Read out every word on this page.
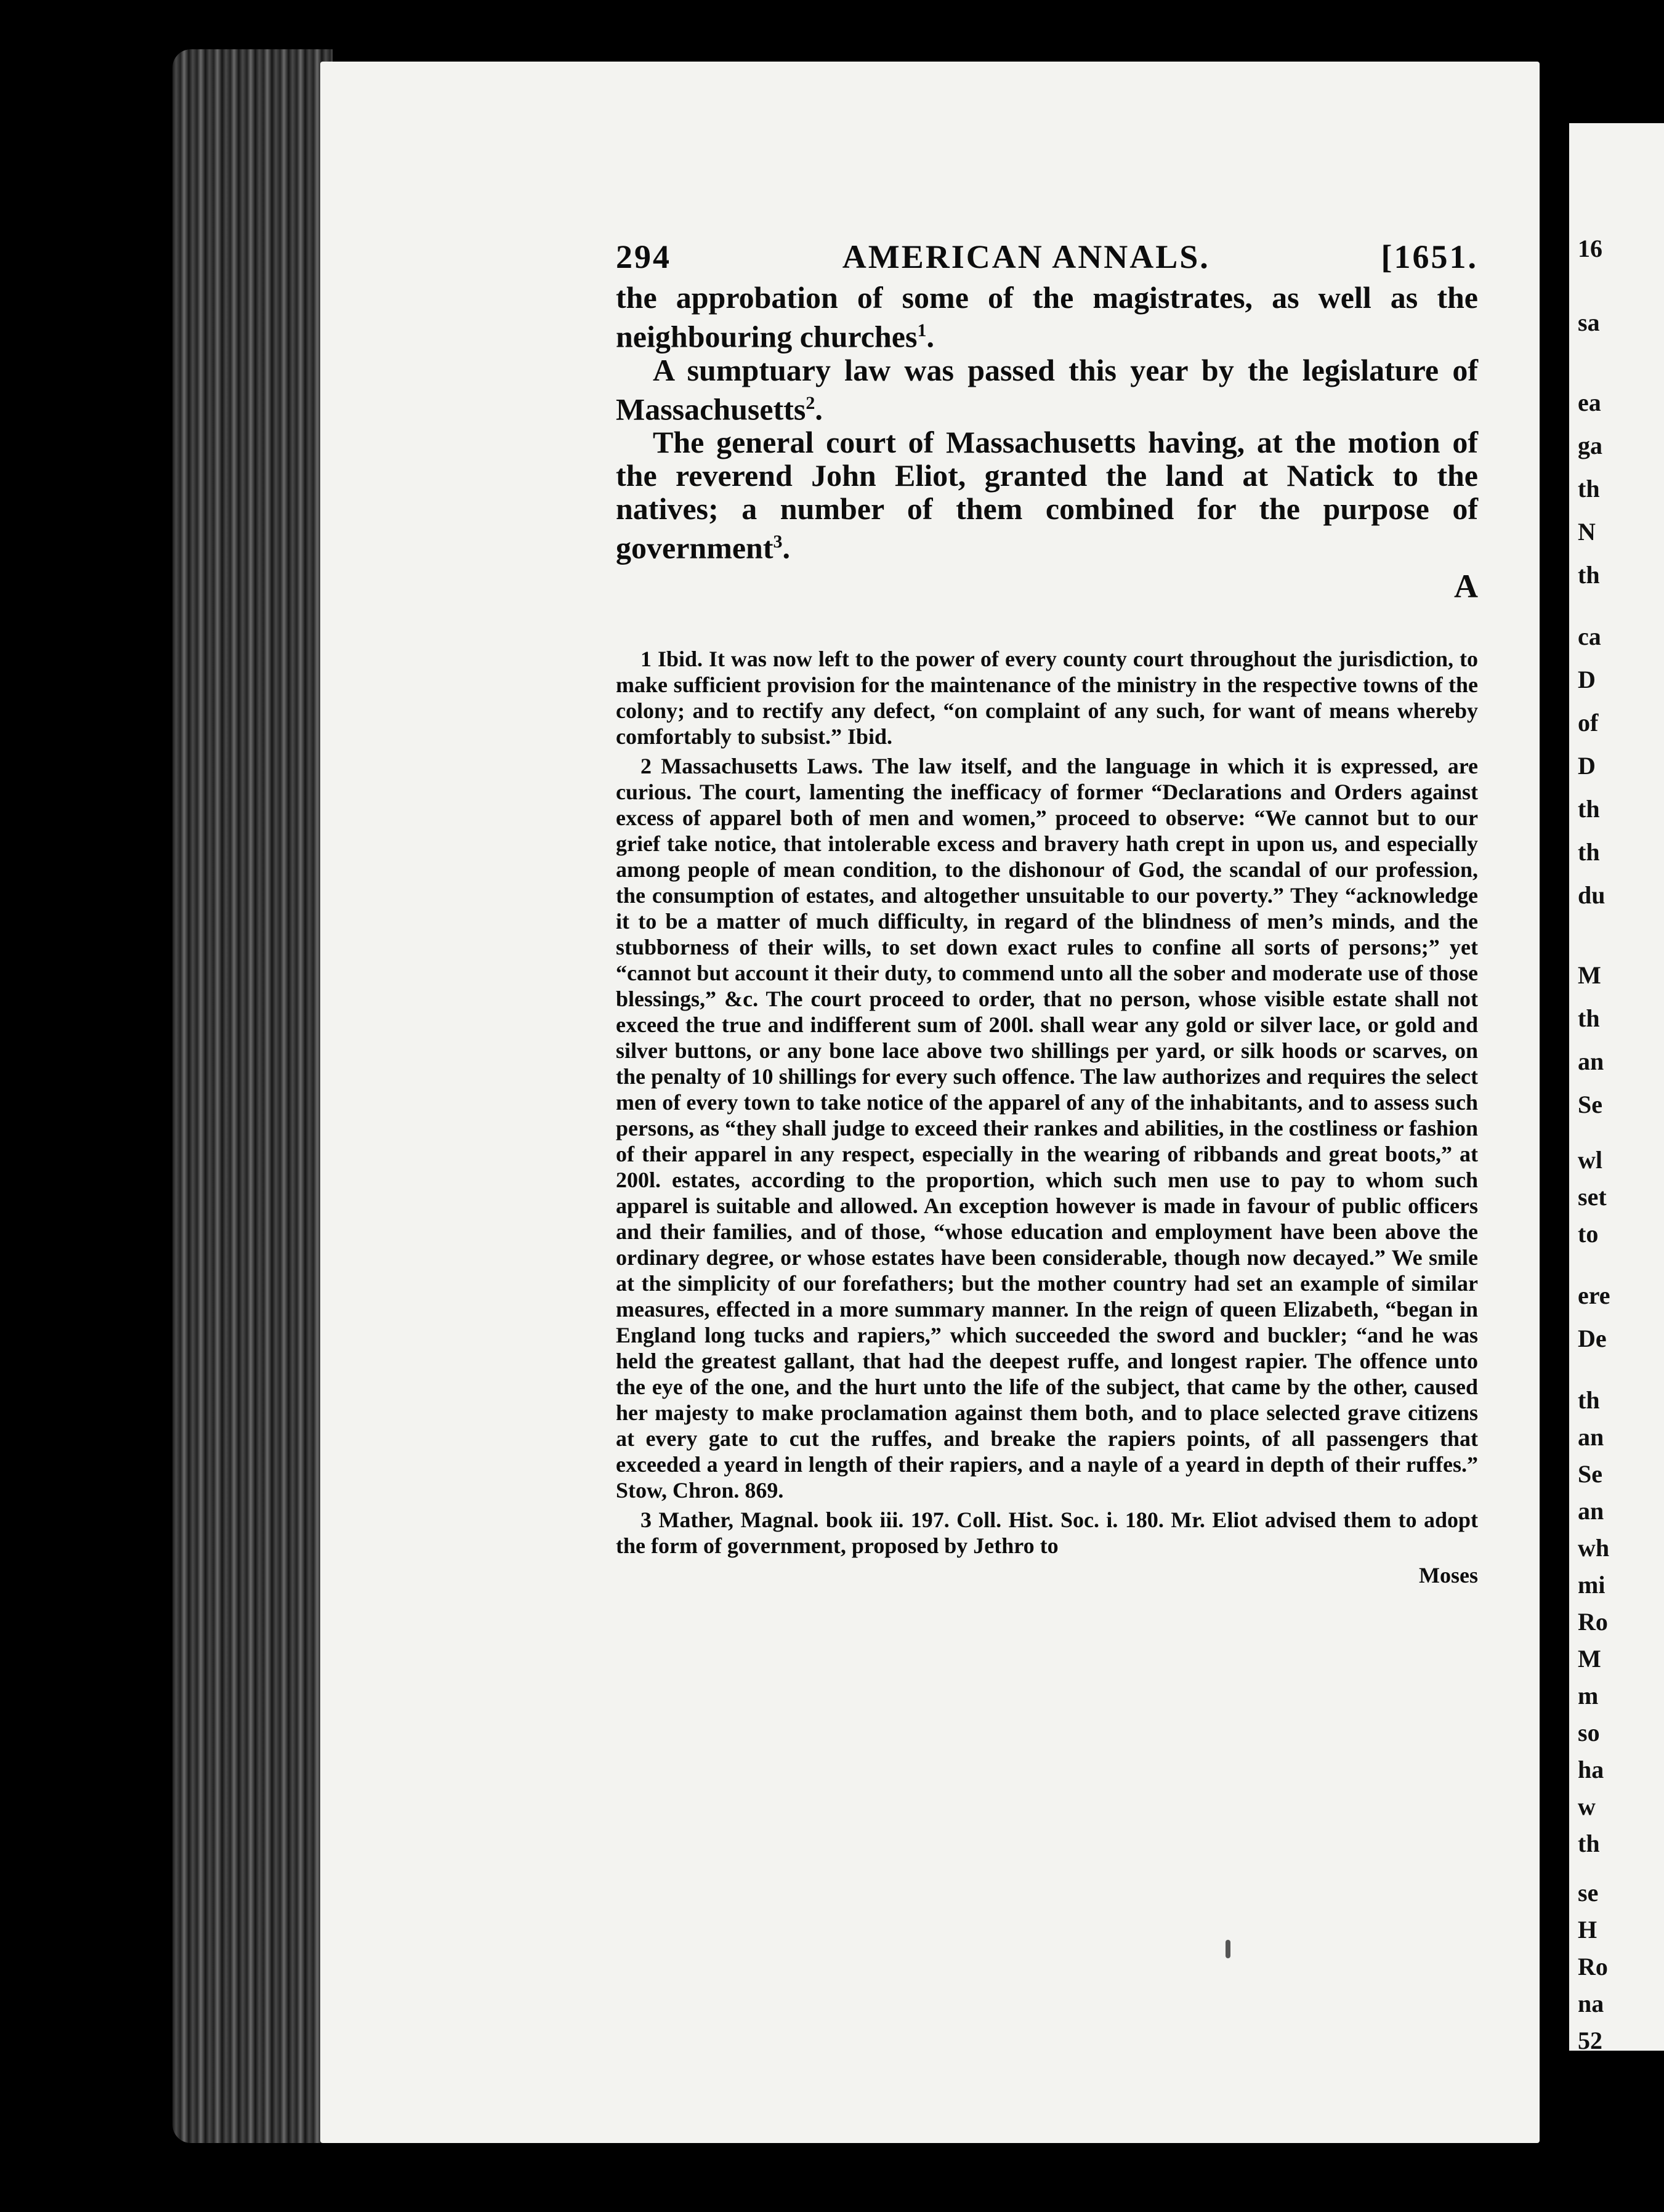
16
sa
ea
ga
th
N
th
ca
D
of
D
th
th
du
M
th
an
Se
wl
set
to
ere
De
th
an
Se
an
wh
mi
Ro
M
m
so
ha
w
th
se
H
Ro
na
52
294	AMERICAN ANNALS.	[1651.

the approbation of some of the magistrates, as well as the neighbouring churches$^1$.

A sumptuary law was passed this year by the legislature of Massachusetts$^2$.

The general court of Massachusetts having, at the motion of the reverend John Eliot, granted the land at Natick to the natives; a number of them combined for the purpose of government$^3$.

A

1 Ibid. It was now left to the power of every county court throughout the jurisdiction, to make sufficient provision for the maintenance of the ministry in the respective towns of the colony; and to rectify any defect, “on complaint of any such, for want of means whereby comfortably to subsist.” Ibid.

2 Massachusetts Laws. The law itself, and the language in which it is expressed, are curious. The court, lamenting the inefficacy of former “Declarations and Orders against excess of apparel both of men and women,” proceed to observe: “We cannot but to our grief take notice, that intolerable excess and bravery hath crept in upon us, and especially among people of mean condition, to the dishonour of God, the scandal of our profession, the consumption of estates, and altogether unsuitable to our poverty.” They “acknowledge it to be a matter of much difficulty, in regard of the blindness of men’s minds, and the stubborness of their wills, to set down exact rules to confine all sorts of persons;” yet “cannot but account it their duty, to commend unto all the sober and moderate use of those blessings,” &c. The court proceed to order, that no person, whose visible estate shall not exceed the true and indifferent sum of 200l. shall wear any gold or silver lace, or gold and silver buttons, or any bone lace above two shillings per yard, or silk hoods or scarves, on the penalty of 10 shillings for every such offence. The law authorizes and requires the select men of every town to take notice of the apparel of any of the inhabitants, and to assess such persons, as “they shall judge to exceed their rankes and abilities, in the costliness or fashion of their apparel in any respect, especially in the wearing of ribbands and great boots,” at 200l. estates, according to the proportion, which such men use to pay to whom such apparel is suitable and allowed. An exception however is made in favour of public officers and their families, and of those, “whose education and employment have been above the ordinary degree, or whose estates have been considerable, though now decayed.” We smile at the simplicity of our forefathers; but the mother country had set an example of similar measures, effected in a more summary manner. In the reign of queen Elizabeth, “began in England long tucks and rapiers,” which succeeded the sword and buckler; “and he was held the greatest gallant, that had the deepest ruffe, and longest rapier. The offence unto the eye of the one, and the hurt unto the life of the subject, that came by the other, caused her majesty to make proclamation against them both, and to place selected grave citizens at every gate to cut the ruffes, and breake the rapiers points, of all passengers that exceeded a yeard in length of their rapiers, and a nayle of a yeard in depth of their ruffes.” Stow, Chron. 869.

3 Mather, Magnal. book iii. 197. Coll. Hist. Soc. i. 180. Mr. Eliot advised them to adopt the form of government, proposed by Jethro to

Moses
